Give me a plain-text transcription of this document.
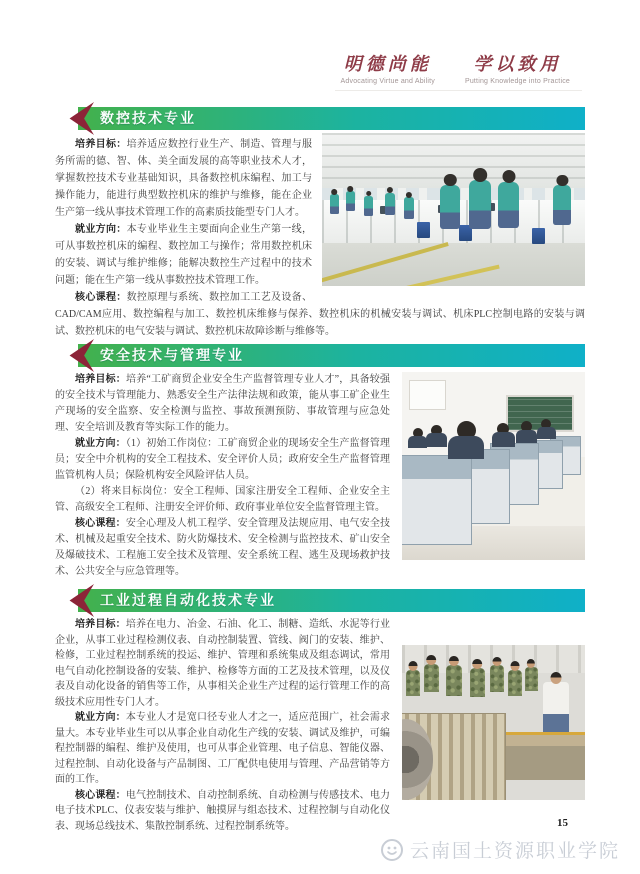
明德尚能
Advocating Virtue and Ability
学以致用
Putting Knowledge into Practice
数控技术专业

培养目标：培养适应数控行业生产、制造、管理与服务所需的德、智、体、美全面发展的高等职业技术人才，掌握数控技术专业基础知识，具备数控机床编程、加工与操作能力，能进行典型数控机床的维护与维修，能在企业生产第一线从事技术管理工作的高素质技能型专门人才。

就业方向：本专业毕业生主要面向企业生产第一线，可从事数控机床的编程、数控加工与操作；常用数控机床的安装、调试与维护维修；能解决数控生产过程中的技术问题；能在生产第一线从事数控技术管理工作。

核心课程：数控原理与系统、数控加工工艺及设备、CAD/CAM应用、数控编程与加工、数控机床维修与保养、数控机床的机械安装与调试、机床PLC控制电路的安装与调试、数控机床的电气安装与调试、数控机床故障诊断与维修等。

安全技术与管理专业

培养目标：培养“工矿商贸企业安全生产监督管理专业人才”，具备较强的安全技术与管理能力、熟悉安全生产法律法规和政策，能从事工矿企业生产现场的安全监察、安全检测与监控、事故预测预防、事故管理与应急处理、安全培训及教育等实际工作的能力。

就业方向：（1）初始工作岗位：工矿商贸企业的现场安全生产监督管理员；安全中介机构的安全工程技术、安全评价人员；政府安全生产监督管理监管机构人员；保险机构安全风险评估人员。

（2）将来目标岗位：安全工程师、国家注册安全工程师、企业安全主管、高级安全工程师、注册安全评价师、政府事业单位安全监督管理主管。

核心课程：安全心理及人机工程学、安全管理及法规应用、电气安全技术、机械及起重安全技术、防火防爆技术、安全检测与监控技术、矿山安全及爆破技术、工程施工安全技术及管理、安全系统工程、逃生及现场救护技术、公共安全与应急管理等。

工业过程自动化技术专业

培养目标：培养在电力、冶金、石油、化工、制糖、造纸、水泥等行业企业，从事工业过程检测仪表、自动控制装置、管线、阀门的安装、维护、检修，工业过程控制系统的投运、维护、管理和系统集成及组态调试，常用电气自动化控制设备的安装、维护、检修等方面的工艺及技术管理，以及仪表及自动化设备的销售等工作，从事相关企业生产过程的运行管理工作的高级技术应用性专门人才。

就业方向：本专业人才是宽口径专业人才之一，适应范围广，社会需求量大。本专业毕业生可以从事企业自动化生产线的安装、调试及维护，可编程控制器的编程、维护及使用，也可从事企业管理、电子信息、智能仪器、过程控制、自动化设备与产品制图、工厂配供电使用与管理、产品营销等方面的工作。

核心课程：电气控制技术、自动控制系统、自动检测与传感技术、电力电子技术PLC、仪表安装与维护、触摸屏与组态技术、过程控制与自动化仪表、现场总线技术、集散控制系统、过程控制系统等。	15
云南国土资源职业学院
